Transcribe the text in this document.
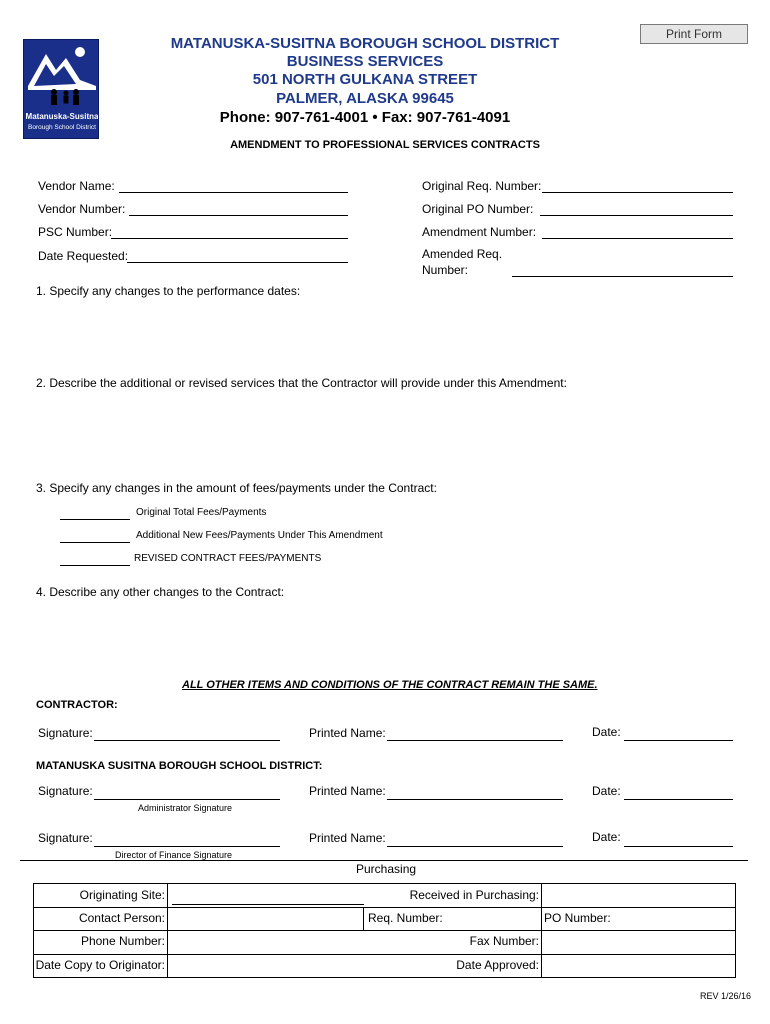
Print Form
Matanuska-Susitna
Borough School District
MATANUSKA-SUSITNA BOROUGH SCHOOL DISTRICT
BUSINESS SERVICES
501 NORTH GULKANA STREET
PALMER, ALASKA 99645
Phone: 907-761-4001 • Fax: 907-761-4091
AMENDMENT TO PROFESSIONAL SERVICES CONTRACTS
Vendor Name:
Vendor Number:
PSC Number:
Date Requested:
Original Req. Number:
Original PO Number:
Amendment Number:
Amended Req.
Number:
1. Specify any changes to the performance dates:
2. Describe the additional or revised services that the Contractor will provide under this Amendment:
3. Specify any changes in the amount of fees/payments under the Contract:
Original Total Fees/Payments
Additional New Fees/Payments Under This Amendment
REVISED CONTRACT FEES/PAYMENTS
4. Describe any other changes to the Contract:
ALL OTHER ITEMS AND CONDITIONS OF THE CONTRACT REMAIN THE SAME.
CONTRACTOR:
Signature:	Printed Name:	Date:
MATANUSKA SUSITNA BOROUGH SCHOOL DISTRICT:
Signature:
Administrator Signature
Printed Name:	Date:
Signature:
Director of Finance Signature
Printed Name:	Date:
Purchasing
Originating Site:	Received in Purchasing:
Contact Person:	Req. Number:	PO Number:
Phone Number:	Fax Number:
Date Copy to Originator:	Date Approved:
REV 1/26/16
